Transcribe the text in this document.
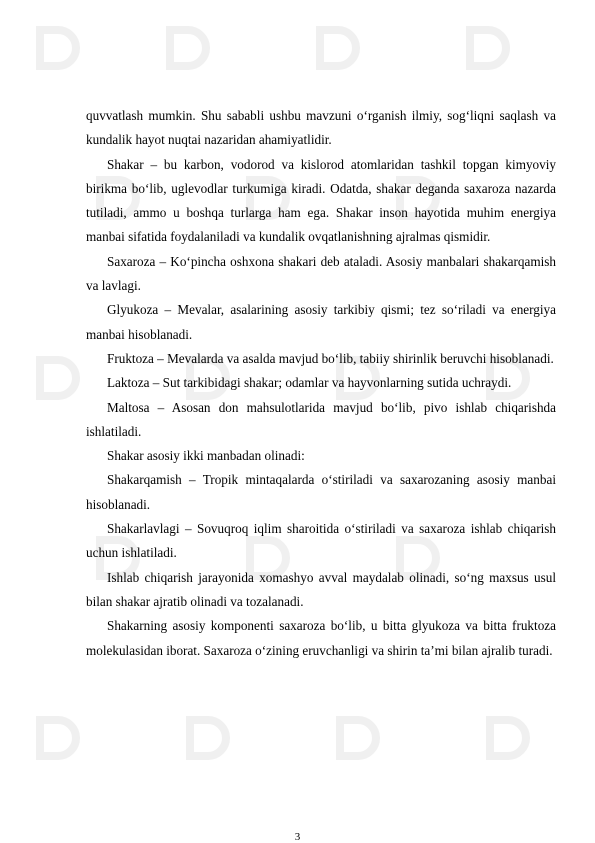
quvvatlash mumkin. Shu sababli ushbu mavzuni o‘rganish ilmiy, sog‘liqni saqlash va kundalik hayot nuqtai nazaridan ahamiyatlidir.

Shakar – bu karbon, vodorod va kislorod atomlaridan tashkil topgan kimyoviy birikma bo‘lib, uglevodlar turkumiga kiradi. Odatda, shakar deganda saxaroza nazarda tutiladi, ammo u boshqa turlarga ham ega. Shakar inson hayotida muhim energiya manbai sifatida foydalaniladi va kundalik ovqatlanishning ajralmas qismidir.

Saxaroza – Ko‘pincha oshxona shakari deb ataladi. Asosiy manbalari shakarqamish va lavlagi.

Glyukoza – Mevalar, asalarining asosiy tarkibiy qismi; tez so‘riladi va energiya manbai hisoblanadi.

Fruktoza – Mevalarda va asalda mavjud bo‘lib, tabiiy shirinlik beruvchi hisoblanadi.

Laktoza – Sut tarkibidagi shakar; odamlar va hayvonlarning sutida uchraydi.

Maltosa – Asosan don mahsulotlarida mavjud bo‘lib, pivo ishlab chiqarishda ishlatiladi.

Shakar asosiy ikki manbadan olinadi:

Shakarqamish – Tropik mintaqalarda o‘stiriladi va saxarozaning asosiy manbai hisoblanadi.

Shakarlavlagi – Sovuqroq iqlim sharoitida o‘stiriladi va saxaroza ishlab chiqarish uchun ishlatiladi.

Ishlab chiqarish jarayonida xomashyo avval maydalab olinadi, so‘ng maxsus usul bilan shakar ajratib olinadi va tozalanadi.

Shakarning asosiy komponenti saxaroza bo‘lib, u bitta glyukoza va bitta fruktoza molekulasidan iborat. Saxaroza o‘zining eruvchanligi va shirin ta’mi bilan ajralib turadi.

3
